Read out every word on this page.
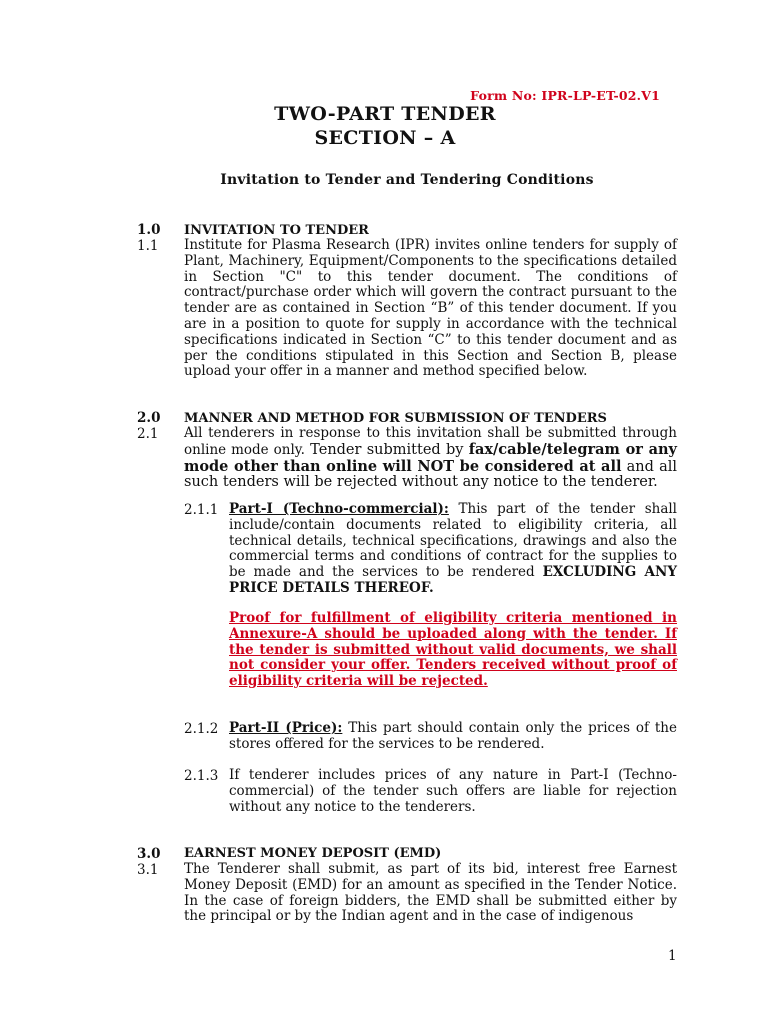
Form No: IPR-LP-ET-02.V1
TWO-PART TENDER
SECTION – A
Invitation to Tender and Tendering Conditions
1.0 INVITATION TO TENDER
1.1 Institute for Plasma Research (IPR) invites online tenders for supply of Plant, Machinery, Equipment/Components to the specifications detailed in Section "C" to this tender document. The conditions of contract/purchase order which will govern the contract pursuant to the tender are as contained in Section “B” of this tender document. If you are in a position to quote for supply in accordance with the technical specifications indicated in Section “C” to this tender document and as per the conditions stipulated in this Section and Section B, please upload your offer in a manner and method specified below.
2.0 MANNER AND METHOD FOR SUBMISSION OF TENDERS
2.1 All tenderers in response to this invitation shall be submitted through online mode only. Tender submitted by fax/cable/telegram or any mode other than online will NOT be considered at all and all such tenders will be rejected without any notice to the tenderer.
2.1.1 Part-I (Techno-commercial): This part of the tender shall include/contain documents related to eligibility criteria, all technical details, technical specifications, drawings and also the commercial terms and conditions of contract for the supplies to be made and the services to be rendered EXCLUDING ANY PRICE DETAILS THEREOF.
Proof for fulfillment of eligibility criteria mentioned in Annexure-A should be uploaded along with the tender. If the tender is submitted without valid documents, we shall not consider your offer. Tenders received without proof of eligibility criteria will be rejected.
2.1.2 Part-II (Price): This part should contain only the prices of the stores offered for the services to be rendered.
2.1.3 If tenderer includes prices of any nature in Part-I (Techno-commercial) of the tender such offers are liable for rejection without any notice to the tenderers.
3.0 EARNEST MONEY DEPOSIT (EMD)
3.1 The Tenderer shall submit, as part of its bid, interest free Earnest Money Deposit (EMD) for an amount as specified in the Tender Notice. In the case of foreign bidders, the EMD shall be submitted either by the principal or by the Indian agent and in the case of indigenous
1
